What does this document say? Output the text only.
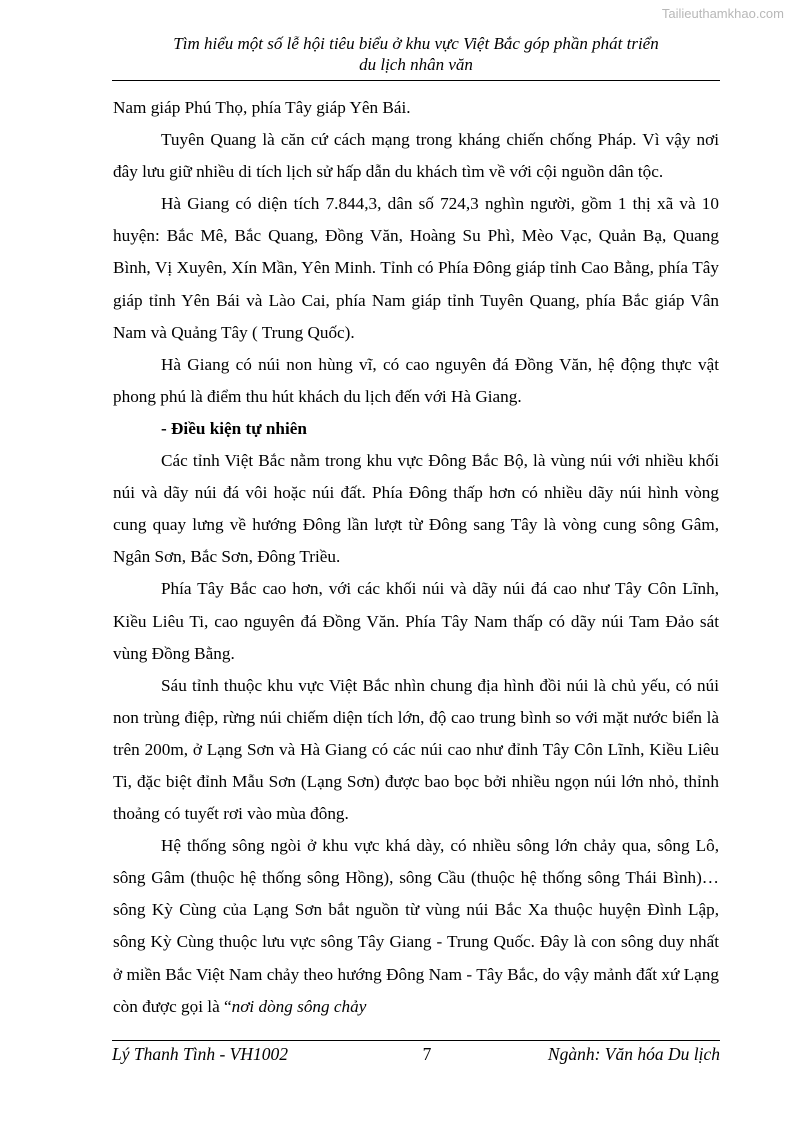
Tailieuthamkhao.com
Tìm hiểu một số lễ hội tiêu biểu ở khu vực Việt Bắc góp phần phát triển
du lịch nhân văn

Nam giáp Phú Thọ, phía Tây giáp Yên Bái.

Tuyên Quang là căn cứ cách mạng trong kháng chiến chống Pháp. Vì vậy nơi đây lưu giữ nhiều di tích lịch sử hấp dẫn du khách tìm về với cội nguồn dân tộc.

Hà Giang có diện tích 7.844,3, dân số 724,3 nghìn người, gồm 1 thị xã và 10 huyện: Bắc Mê, Bắc Quang, Đồng Văn, Hoàng Su Phì, Mèo Vạc, Quản Bạ, Quang Bình, Vị Xuyên, Xín Mần, Yên Minh. Tỉnh có Phía Đông giáp tỉnh Cao Bằng, phía Tây giáp tỉnh Yên Bái và Lào Cai, phía Nam giáp tỉnh Tuyên Quang, phía Bắc giáp Vân Nam và Quảng Tây ( Trung Quốc).

Hà Giang có núi non hùng vĩ, có cao nguyên đá Đồng Văn, hệ động thực vật phong phú là điểm thu hút khách du lịch đến với Hà Giang.

- Điều kiện tự nhiên

Các tỉnh Việt Bắc nằm trong khu vực Đông Bắc Bộ, là vùng núi với nhiều khối núi và dãy núi đá vôi hoặc núi đất. Phía Đông thấp hơn có nhiều dãy núi hình vòng cung quay lưng về hướng Đông lần lượt từ Đông sang Tây là vòng cung sông Gâm, Ngân Sơn, Bắc Sơn, Đông Triều.

Phía Tây Bắc cao hơn, với các khối núi và dãy núi đá cao như Tây Côn Lĩnh, Kiều Liêu Ti, cao nguyên đá Đồng Văn. Phía Tây Nam thấp có dãy núi Tam Đảo sát vùng Đồng Bằng.

Sáu tỉnh thuộc khu vực Việt Bắc nhìn chung địa hình đồi núi là chủ yếu, có núi non trùng điệp, rừng núi chiếm diện tích lớn, độ cao trung bình so với mặt nước biển là trên 200m, ở Lạng Sơn và Hà Giang có các núi cao như đỉnh Tây Côn Lĩnh, Kiều Liêu Ti, đặc biệt đỉnh Mẫu Sơn (Lạng Sơn) được bao bọc bởi nhiều ngọn núi lớn nhỏ, thỉnh thoảng có tuyết rơi vào mùa đông.

Hệ thống sông ngòi ở khu vực khá dày, có nhiều sông lớn chảy qua, sông Lô, sông Gâm (thuộc hệ thống sông Hồng), sông Cầu (thuộc hệ thống sông Thái Bình)… sông Kỳ Cùng của Lạng Sơn bắt nguồn từ vùng núi Bắc Xa thuộc huyện Đình Lập, sông Kỳ Cùng thuộc lưu vực sông Tây Giang - Trung Quốc. Đây là con sông duy nhất ở miền Bắc Việt Nam chảy theo hướng Đông Nam - Tây Bắc, do vậy mảnh đất xứ Lạng còn được gọi là “nơi dòng sông chảy

Lý Thanh Tình - VH1002	7	Ngành: Văn hóa Du lịch
